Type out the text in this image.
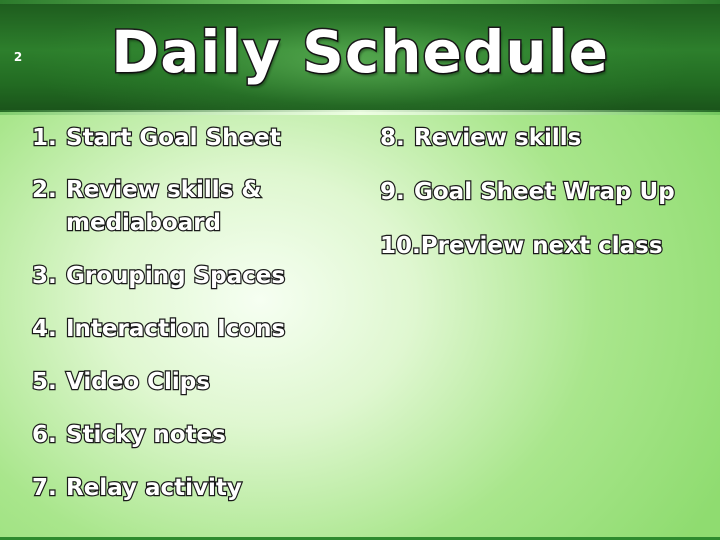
2	Daily Schedule
1. Start Goal Sheet
2. Review skills &
mediaboard
3. Grouping Spaces
4. Interaction Icons
5. Video Clips
6. Sticky notes
7. Relay activity
8. Review skills
9. Goal Sheet Wrap Up
10.Preview next class
